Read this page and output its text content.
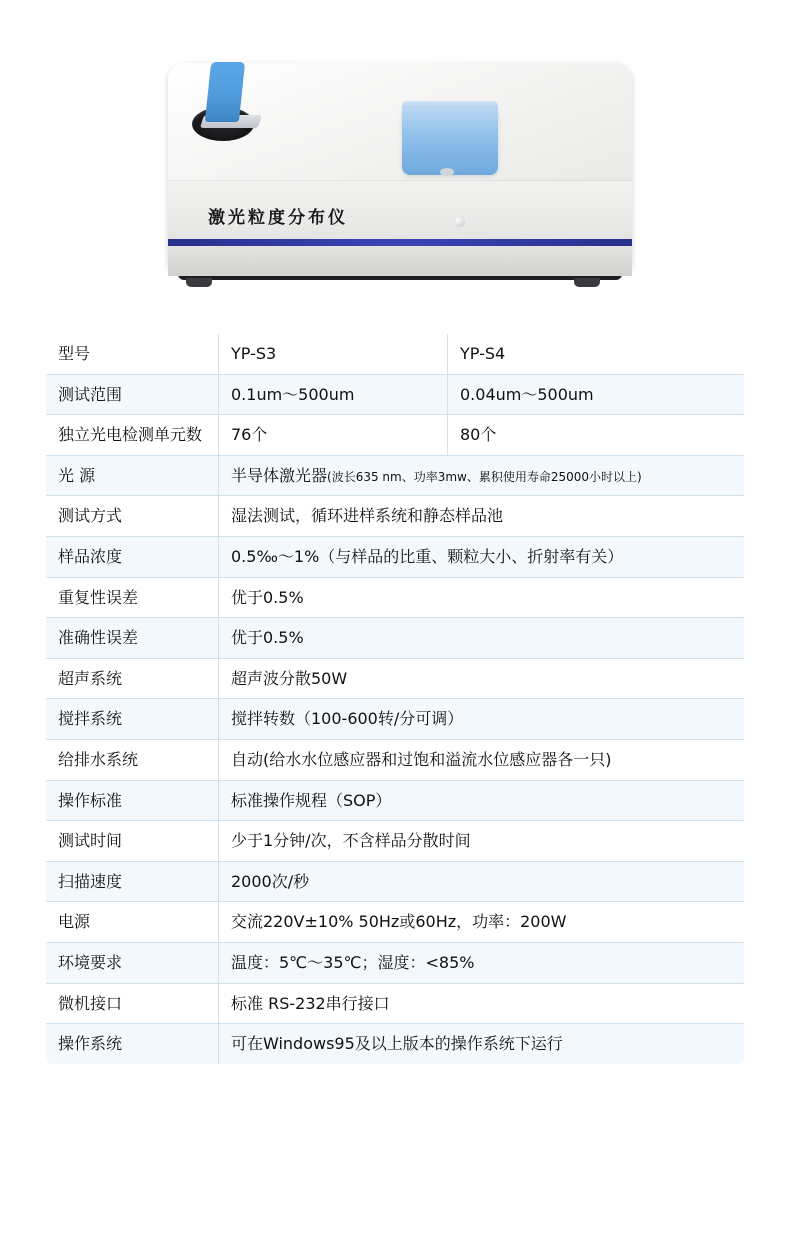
激光粒度分布仪
型号	YP-S3	YP-S4
测试范围	0.1um～500um	0.04um～500um
独立光电检测单元数	76个	80个
光 源	半导体激光器(波长635 nm、功率3mw、累积使用寿命25000小时以上)	
测试方式	湿法测试，循环进样系统和静态样品池	
样品浓度	0.5‰～1%（与样品的比重、颗粒大小、折射率有关）	
重复性误差	优于0.5%	
准确性误差	优于0.5%	
超声系统	超声波分散50W	
搅拌系统	搅拌转数（100-600转/分可调）	
给排水系统	自动(给水水位感应器和过饱和溢流水位感应器各一只)	
操作标准	标准操作规程（SOP）	
测试时间	少于1分钟/次，不含样品分散时间	
扫描速度	2000次/秒	
电源	交流220V±10% 50Hz或60Hz，功率：200W	
环境要求	温度：5℃～35℃；湿度：<85%	
微机接口	标准 RS-232串行接口	
操作系统	可在Windows95及以上版本的操作系统下运行	
